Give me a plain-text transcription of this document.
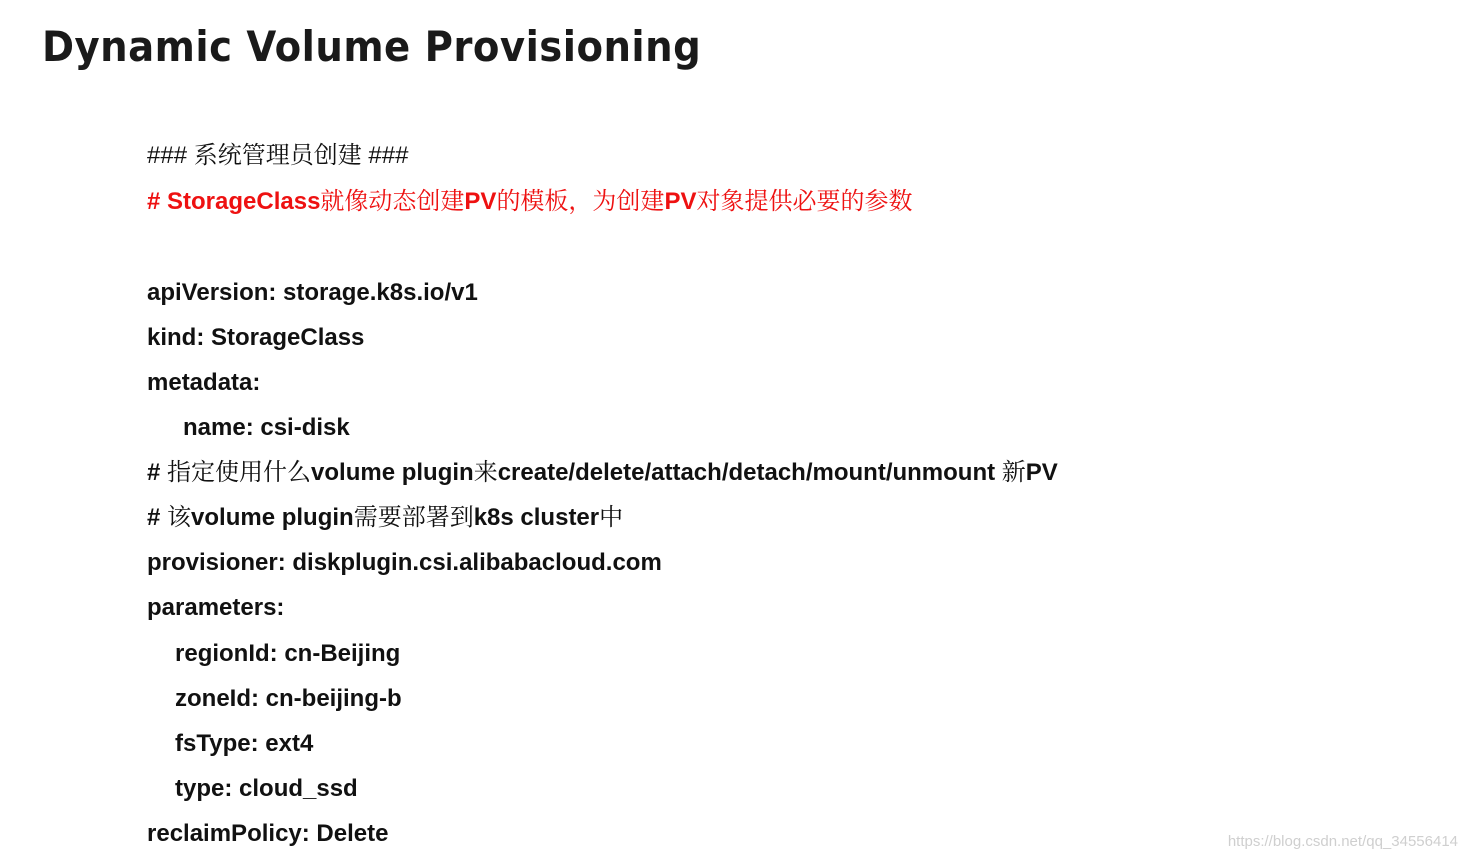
Dynamic Volume Provisioning
### 系统管理员创建 ###
# StorageClass就像动态创建PV的模板，为创建PV对象提供必要的参数
apiVersion: storage.k8s.io/v1
kind: StorageClass
metadata:
name: csi-disk
# 指定使用什么volume plugin来create/delete/attach/detach/mount/unmount 新PV
# 该volume plugin需要部署到k8s cluster中
provisioner: diskplugin.csi.alibabacloud.com
parameters:
regionId: cn-Beijing
zoneId: cn-beijing-b
fsType: ext4
type: cloud_ssd
reclaimPolicy: Delete	https://blog.csdn.net/qq_34556414
